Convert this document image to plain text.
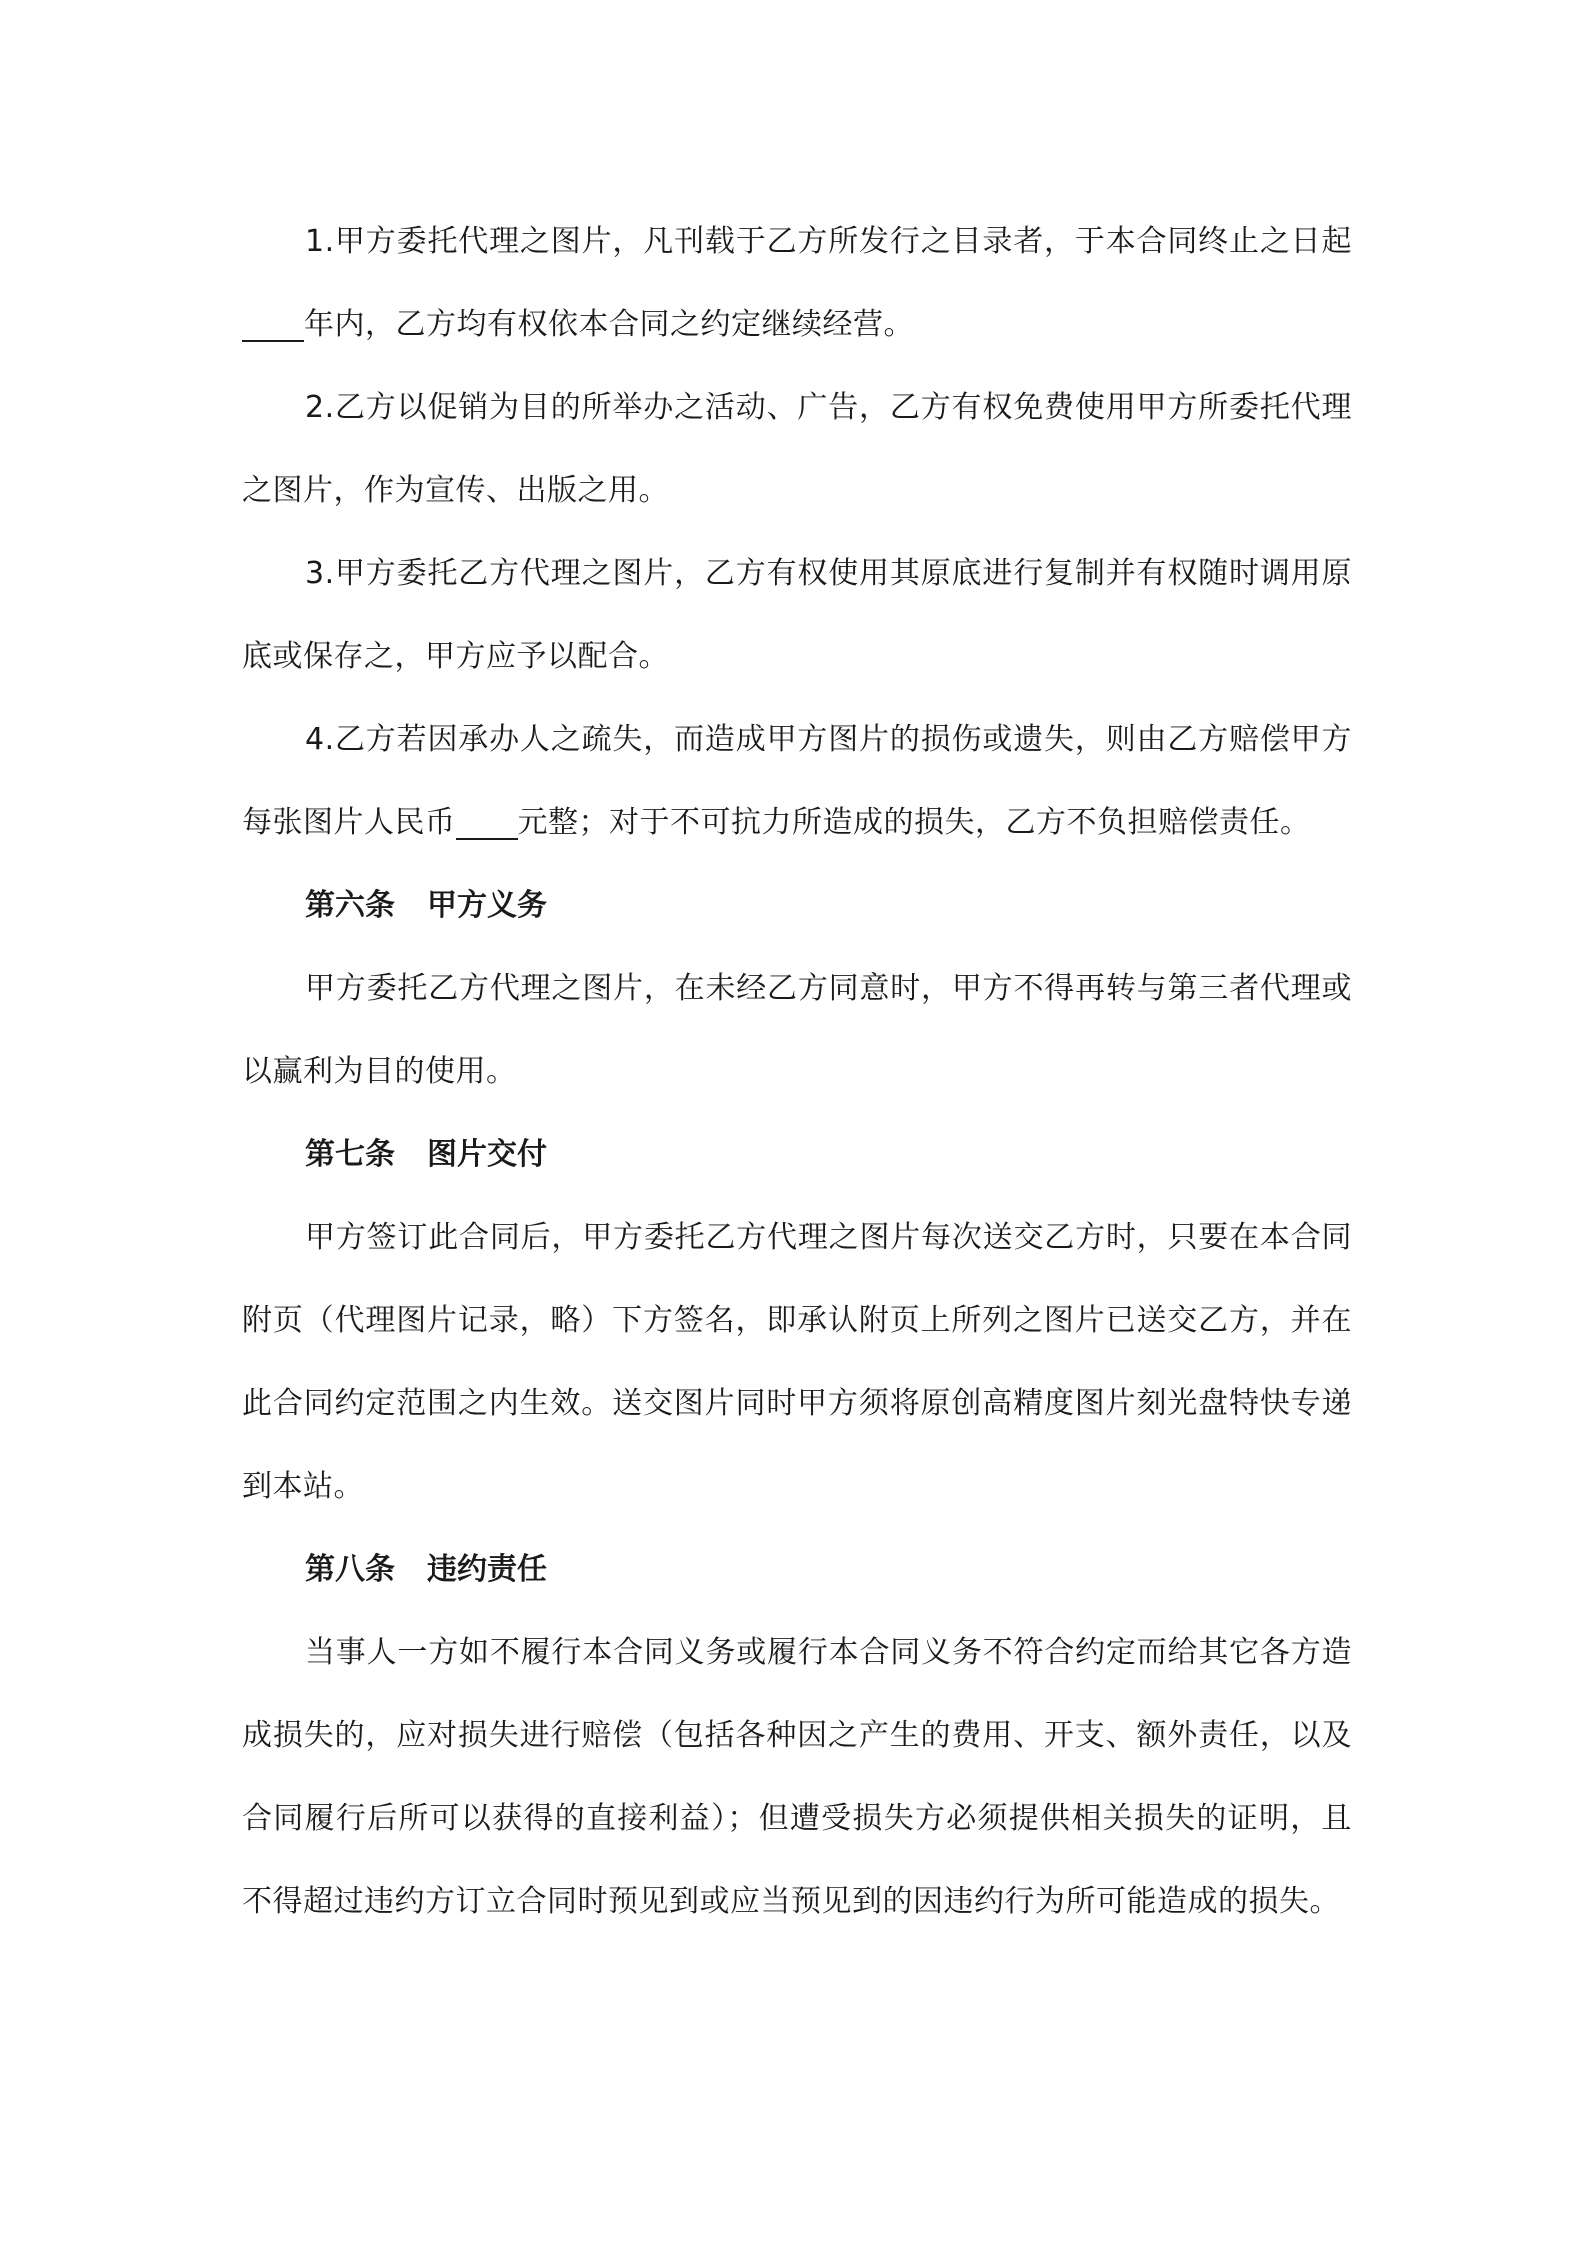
1.甲方委托代理之图片，凡刊载于乙方所发行之目录者，于本合同终止之日起年内，乙方均有权依本合同之约定继续经营。

2.乙方以促销为目的所举办之活动、广告，乙方有权免费使用甲方所委托代理之图片，作为宣传、出版之用。

3.甲方委托乙方代理之图片，乙方有权使用其原底进行复制并有权随时调用原底或保存之，甲方应予以配合。

4.乙方若因承办人之疏失，而造成甲方图片的损伤或遗失，则由乙方赔偿甲方每张图片人民币 元整；对于不可抗力所造成的损失，乙方不负担赔偿责任。

第六条 甲方义务

甲方委托乙方代理之图片，在未经乙方同意时，甲方不得再转与第三者代理或以赢利为目的使用。

第七条 图片交付

甲方签订此合同后，甲方委托乙方代理之图片每次送交乙方时，只要在本合同附页（代理图片记录，略）下方签名，即承认附页上所列之图片已送交乙方，并在此合同约定范围之内生效。送交图片同时甲方须将原创高精度图片刻光盘特快专递到本站。

第八条 违约责任

当事人一方如不履行本合同义务或履行本合同义务不符合约定而给其它各方造成损失的，应对损失进行赔偿（包括各种因之产生的费用、开支、额外责任，以及合同履行后所可以获得的直接利益）；但遭受损失方必须提供相关损失的证明，且不得超过违约方订立合同时预见到或应当预见到的因违约行为所可能造成的损失。
